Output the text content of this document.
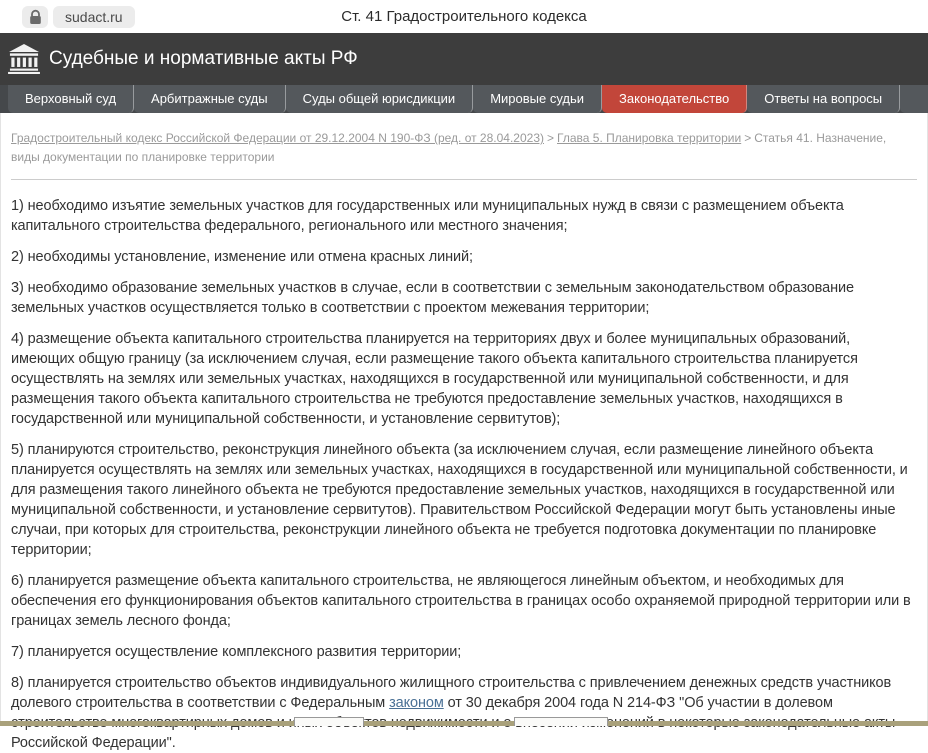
Ст. 41 Градостроительного кодекса
sudact.ru
Судебные и нормативные акты РФ
Верховный суд	Арбитражные суды	Суды общей юрисдикции	Мировые судьи	Законодательство	Ответы на вопросы
Градостроительный кодекс Российской Федерации от 29.12.2004 N 190-ФЗ (ред. от 28.04.2023) > Глава 5. Планировка территории > Статья 41. Назначение, виды документации по планировке территории

1) необходимо изъятие земельных участков для государственных или муниципальных нужд в связи с размещением объекта капитального строительства федерального, регионального или местного значения;

2) необходимы установление, изменение или отмена красных линий;

3) необходимо образование земельных участков в случае, если в соответствии с земельным законодательством образование земельных участков осуществляется только в соответствии с проектом межевания территории;

4) размещение объекта капитального строительства планируется на территориях двух и более муниципальных образований, имеющих общую границу (за исключением случая, если размещение такого объекта капитального строительства планируется осуществлять на землях или земельных участках, находящихся в государственной или муниципальной собственности, и для размещения такого объекта капитального строительства не требуются предоставление земельных участков, находящихся в государственной или муниципальной собственности, и установление сервитутов);

5) планируются строительство, реконструкция линейного объекта (за исключением случая, если размещение линейного объекта планируется осуществлять на землях или земельных участках, находящихся в государственной или муниципальной собственности, и для размещения такого линейного объекта не требуются предоставление земельных участков, находящихся в государственной или муниципальной собственности, и установление сервитутов). Правительством Российской Федерации могут быть установлены иные случаи, при которых для строительства, реконструкции линейного объекта не требуется подготовка документации по планировке территории;

6) планируется размещение объекта капитального строительства, не являющегося линейным объектом, и необходимых для обеспечения его функционирования объектов капитального строительства в границах особо охраняемой природной территории или в границах земель лесного фонда;

7) планируется осуществление комплексного развития территории;

8) планируется строительство объектов индивидуального жилищного строительства с привлечением денежных средств участников долевого строительства в соответствии с Федеральным законом от 30 декабря 2004 года N 214-ФЗ "Об участии в долевом Российской Федерации".
